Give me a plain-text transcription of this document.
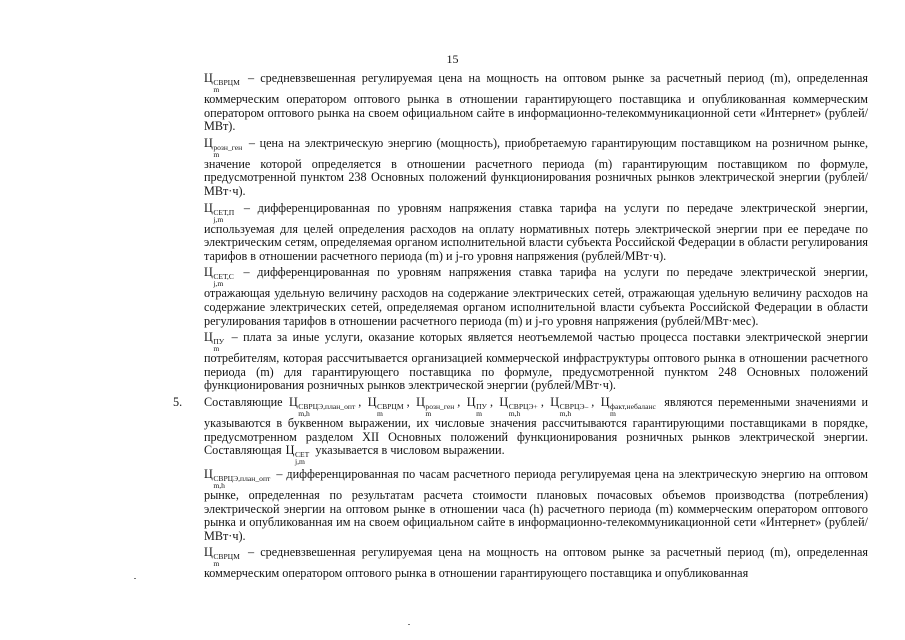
15

Ц СВРЦМ
m
– средневзвешенная регулируемая цена на мощность на оптовом рынке за расчетный период (m), определенная коммерческим оператором оптового рынка в отношении гарантирующего поставщика и опубликованная коммерческим оператором оптового рынка на своем официальном сайте в информационно-телекоммуникационной сети «Интернет» (рублей/МВт).

Ц розн_ген
m
– цена на электрическую энергию (мощность), приобретаемую гарантирующим поставщиком на розничном рынке, значение которой определяется в отношении расчетного периода (m) гарантирующим поставщиком по формуле, предусмотренной пунктом 238 Основных положений функционирования розничных рынков электрической энергии (рублей/МВт·ч).

Ц СЕТ,П
j,m
– дифференцированная по уровням напряжения ставка тарифа на услуги по передаче электрической энергии, используемая для целей определения расходов на оплату нормативных потерь электрической энергии при ее передаче по электрическим сетям, определяемая органом исполнительной власти субъекта Российской Федерации в области регулирования тарифов в отношении расчетного периода (m) и j-го уровня напряжения (рублей/МВт·ч).

Ц СЕТ,С
j,m
– дифференцированная по уровням напряжения ставка тарифа на услуги по передаче электрической энергии, отражающая удельную величину расходов на содержание электрических сетей, отражающая удельную величину расходов на содержание электрических сетей, определяемая органом исполнительной власти субъекта Российской Федерации в области регулирования тарифов в отношении расчетного периода (m) и j-го уровня напряжения (рублей/МВт·мес).

Ц ПУ
m
– плата за иные услуги, оказание которых является неотъемлемой частью процесса поставки электрической энергии потребителям, которая рассчитывается организацией коммерческой инфраструктуры оптового рынка в отношении расчетного периода (m) для гарантирующего поставщика по формуле, предусмотренной пунктом 248 Основных положений функционирования розничных рынков электрической энергии (рублей/МВт·ч).

5. Составляющие Ц СВРЦЭ,план_опт
m,h
, Ц СВРЦМ
m
, Ц розн_ген
m
, Ц ПУ
m
, Ц СВРЦЭ+
m,h
, Ц СВРЦЭ–
m,h
, Ц факт,небаланс
m
являются переменными значениями и указываются в буквенном выражении, их числовые значения рассчитываются гарантирующими поставщиками в порядке, предусмотренном разделом XII Основных положений функционирования розничных рынков электрической энергии. Составляющая Ц СЕТ
j,m
указывается в числовом выражении.

Ц СВРЦЭ,план_опт
m,h
– дифференцированная по часам расчетного периода регулируемая цена на электрическую энергию на оптовом рынке, определенная по результатам расчета стоимости плановых почасовых объемов производства (потребления) электрической энергии на оптовом рынке в отношении часа (h) расчетного периода (m) коммерческим оператором оптового рынка и опубликованная им на своем официальном сайте в информационно-телекоммуникационной сети «Интернет» (рублей/МВт·ч).

Ц СВРЦМ
m
– средневзвешенная регулируемая цена на мощность на оптовом рынке за расчетный период (m), определенная коммерческим оператором оптового рынка в отношении гарантирующего поставщика и опубликованная
